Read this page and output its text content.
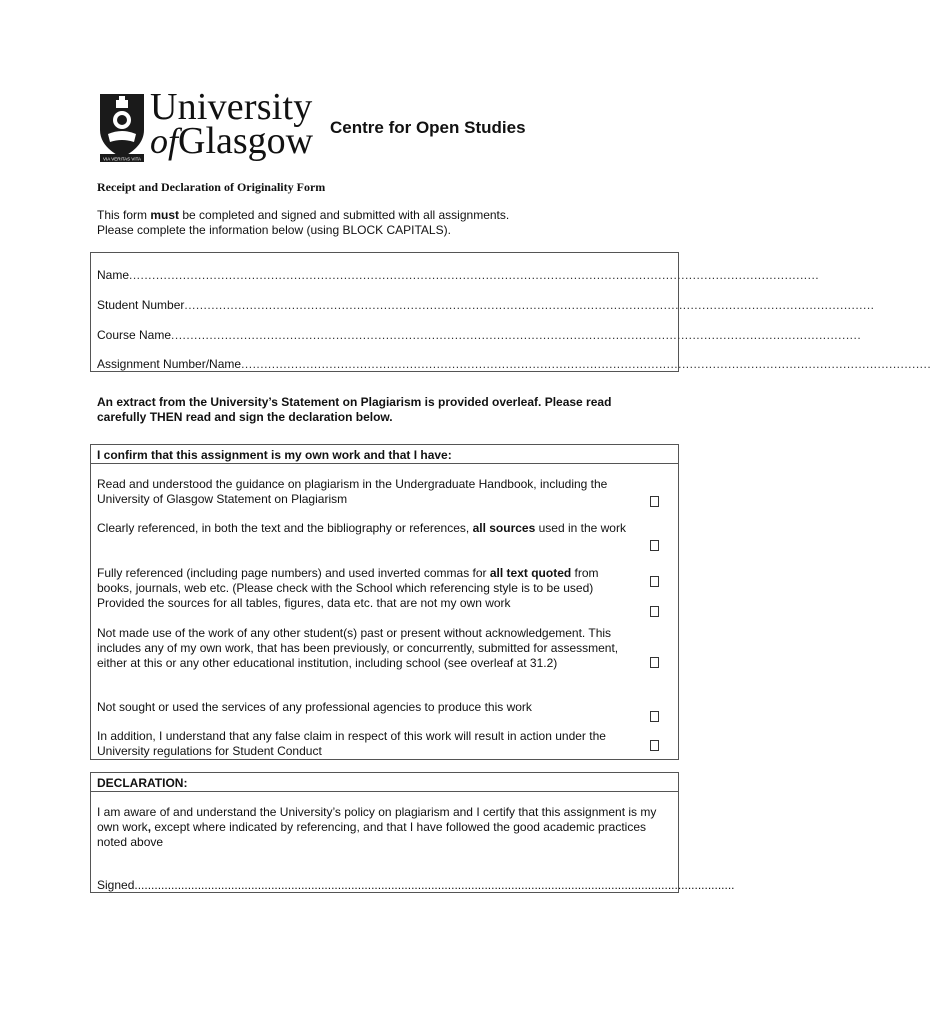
VIA VERITAS VITA
University
ofGlasgow Centre for Open Studies
Receipt and Declaration of Originality Form
This form must be completed and signed and submitted with all assignments.
Please complete the information below (using BLOCK CAPITALS).
Name....................................................................................................................................................................................
Student Number....................................................................................................................................................................................
Course Name....................................................................................................................................................................................
Assignment Number/Name....................................................................................................................................................................................
An extract from the University’s Statement on Plagiarism is provided overleaf. Please read carefully THEN read and sign the declaration below.
I confirm that this assignment is my own work and that I have:
Read and understood the guidance on plagiarism in the Undergraduate Handbook, including the University of Glasgow Statement on Plagiarism
Clearly referenced, in both the text and the bibliography or references, all sources used in the work
Fully referenced (including page numbers) and used inverted commas for all text quoted from books, journals, web etc. (Please check with the School which referencing style is to be used)
Provided the sources for all tables, figures, data etc. that are not my own work
Not made use of the work of any other student(s) past or present without acknowledgement. This includes any of my own work, that has been previously, or concurrently, submitted for assessment, either at this or any other educational institution, including school (see overleaf at 31.2)
Not sought or used the services of any professional agencies to produce this work
In addition, I understand that any false claim in respect of this work will result in action under the University regulations for Student Conduct
DECLARATION:
I am aware of and understand the University’s policy on plagiarism and I certify that this assignment is my own work, except where indicated by referencing, and that I have followed the good academic practices noted above
Signed....................................................................................................................................................................................
